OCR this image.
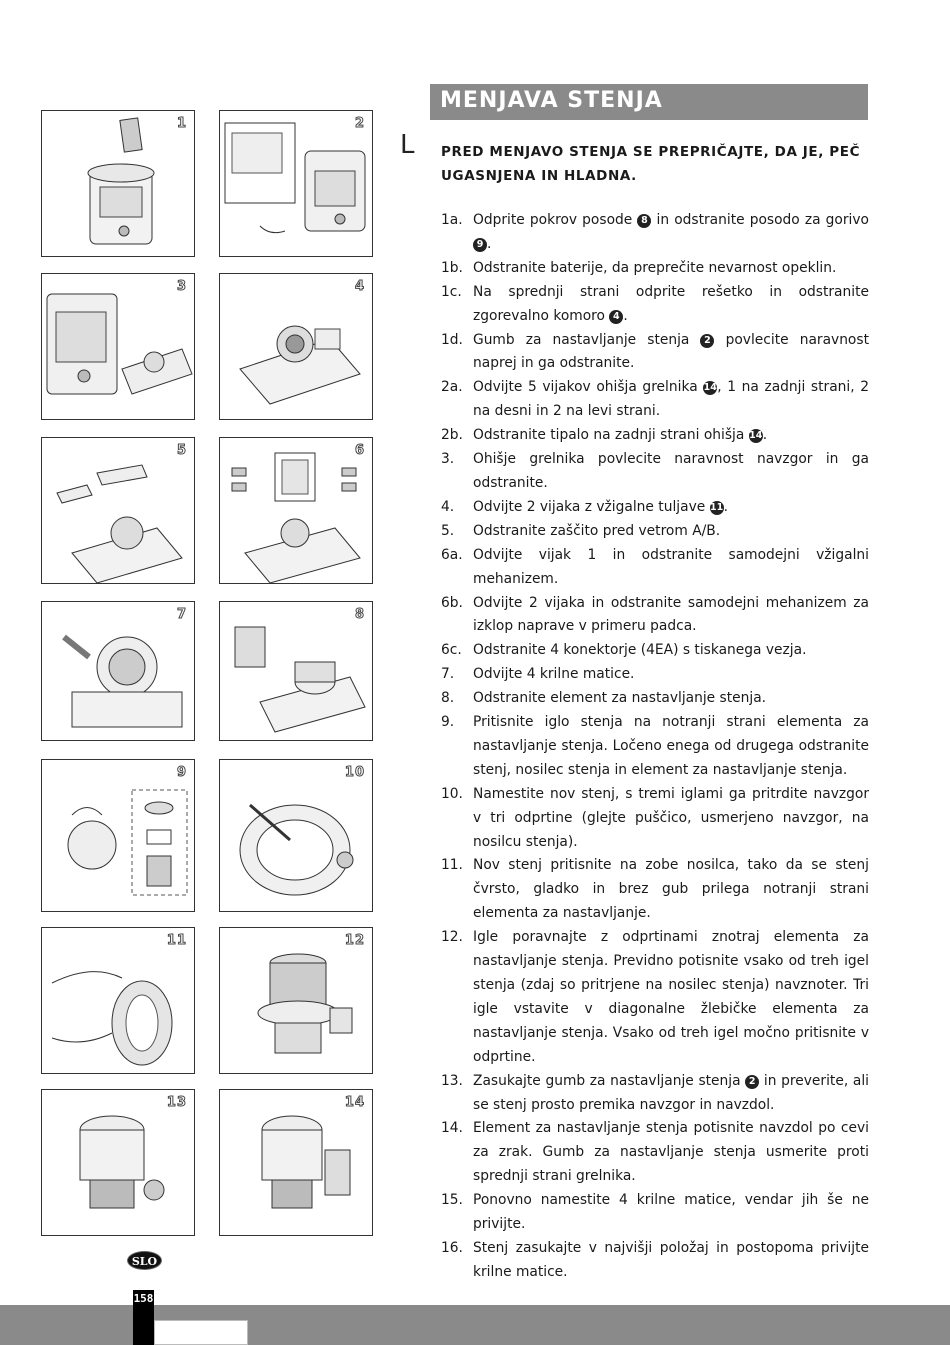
1	2
3	4
5	6
7	8
9	10
11	12
13	14
MENJAVA STENJA
L PRED MENJAVO STENJA SE PREPRIČAJTE, DA JE, PEČ UGASNJENA IN HLADNA.
1a. Odprite pokrov posode 8 in odstranite posodo za gorivo 9 .
1b. Odstranite baterije, da preprečite nevarnost opeklin.
1c. Na sprednji strani odprite rešetko in odstranite zgorevalno komoro 4 .
1d. Gumb za nastavljanje stenja 2 povlecite naravnost naprej in ga odstranite.
2a. Odvijte 5 vijakov ohišja grelnika 14, 1 na zadnji strani, 2 na desni in 2 na levi strani.
2b. Odstranite tipalo na zadnji strani ohišja 14.
3. Ohišje grelnika povlecite naravnost navzgor in ga odstranite.
4. Odvijte 2 vijaka z vžigalne tuljave 11.
5. Odstranite zaščito pred vetrom A/B.
6a. Odvijte vijak 1 in odstranite samodejni vžigalni mehanizem.
6b. Odvijte 2 vijaka in odstranite samodejni mehanizem za izklop naprave v primeru padca.
6c. Odstranite 4 konektorje (4EA) s tiskanega vezja.
7. Odvijte 4 krilne matice.
8. Odstranite element za nastavljanje stenja.
9. Pritisnite iglo stenja na notranji strani elementa za nastavljanje stenja. Ločeno enega od drugega odstranite stenj, nosilec stenja in element za nastavljanje stenja.
10. Namestite nov stenj, s tremi iglami ga pritrdite navzgor v tri odprtine (glejte puščico, usmerjeno navzgor, na nosilcu stenja).
11. Nov stenj pritisnite na zobe nosilca, tako da se stenj čvrsto, gladko in brez gub prilega notranji strani elementa za nastavljanje.
12. Igle poravnajte z odprtinami znotraj elementa za nastavljanje stenja. Previdno potisnite vsako od treh igel stenja (zdaj so pritrjene na nosilec stenja) navznoter. Tri igle vstavite v diagonalne žlebičke elementa za nastavljanje stenja. Vsako od treh igel močno pritisnite v odprtine.
13. Zasukajte gumb za nastavljanje stenja 2 in preverite, ali se stenj prosto premika navzgor in navzdol.
14. Element za nastavljanje stenja potisnite navzdol po cevi za zrak. Gumb za nastavljanje stenja usmerite proti sprednji strani grelnika.
15. Ponovno namestite 4 krilne matice, vendar jih še ne privijte.
16. Stenj zasukajte v najvišji položaj in postopoma privijte krilne matice.
SLO
158
